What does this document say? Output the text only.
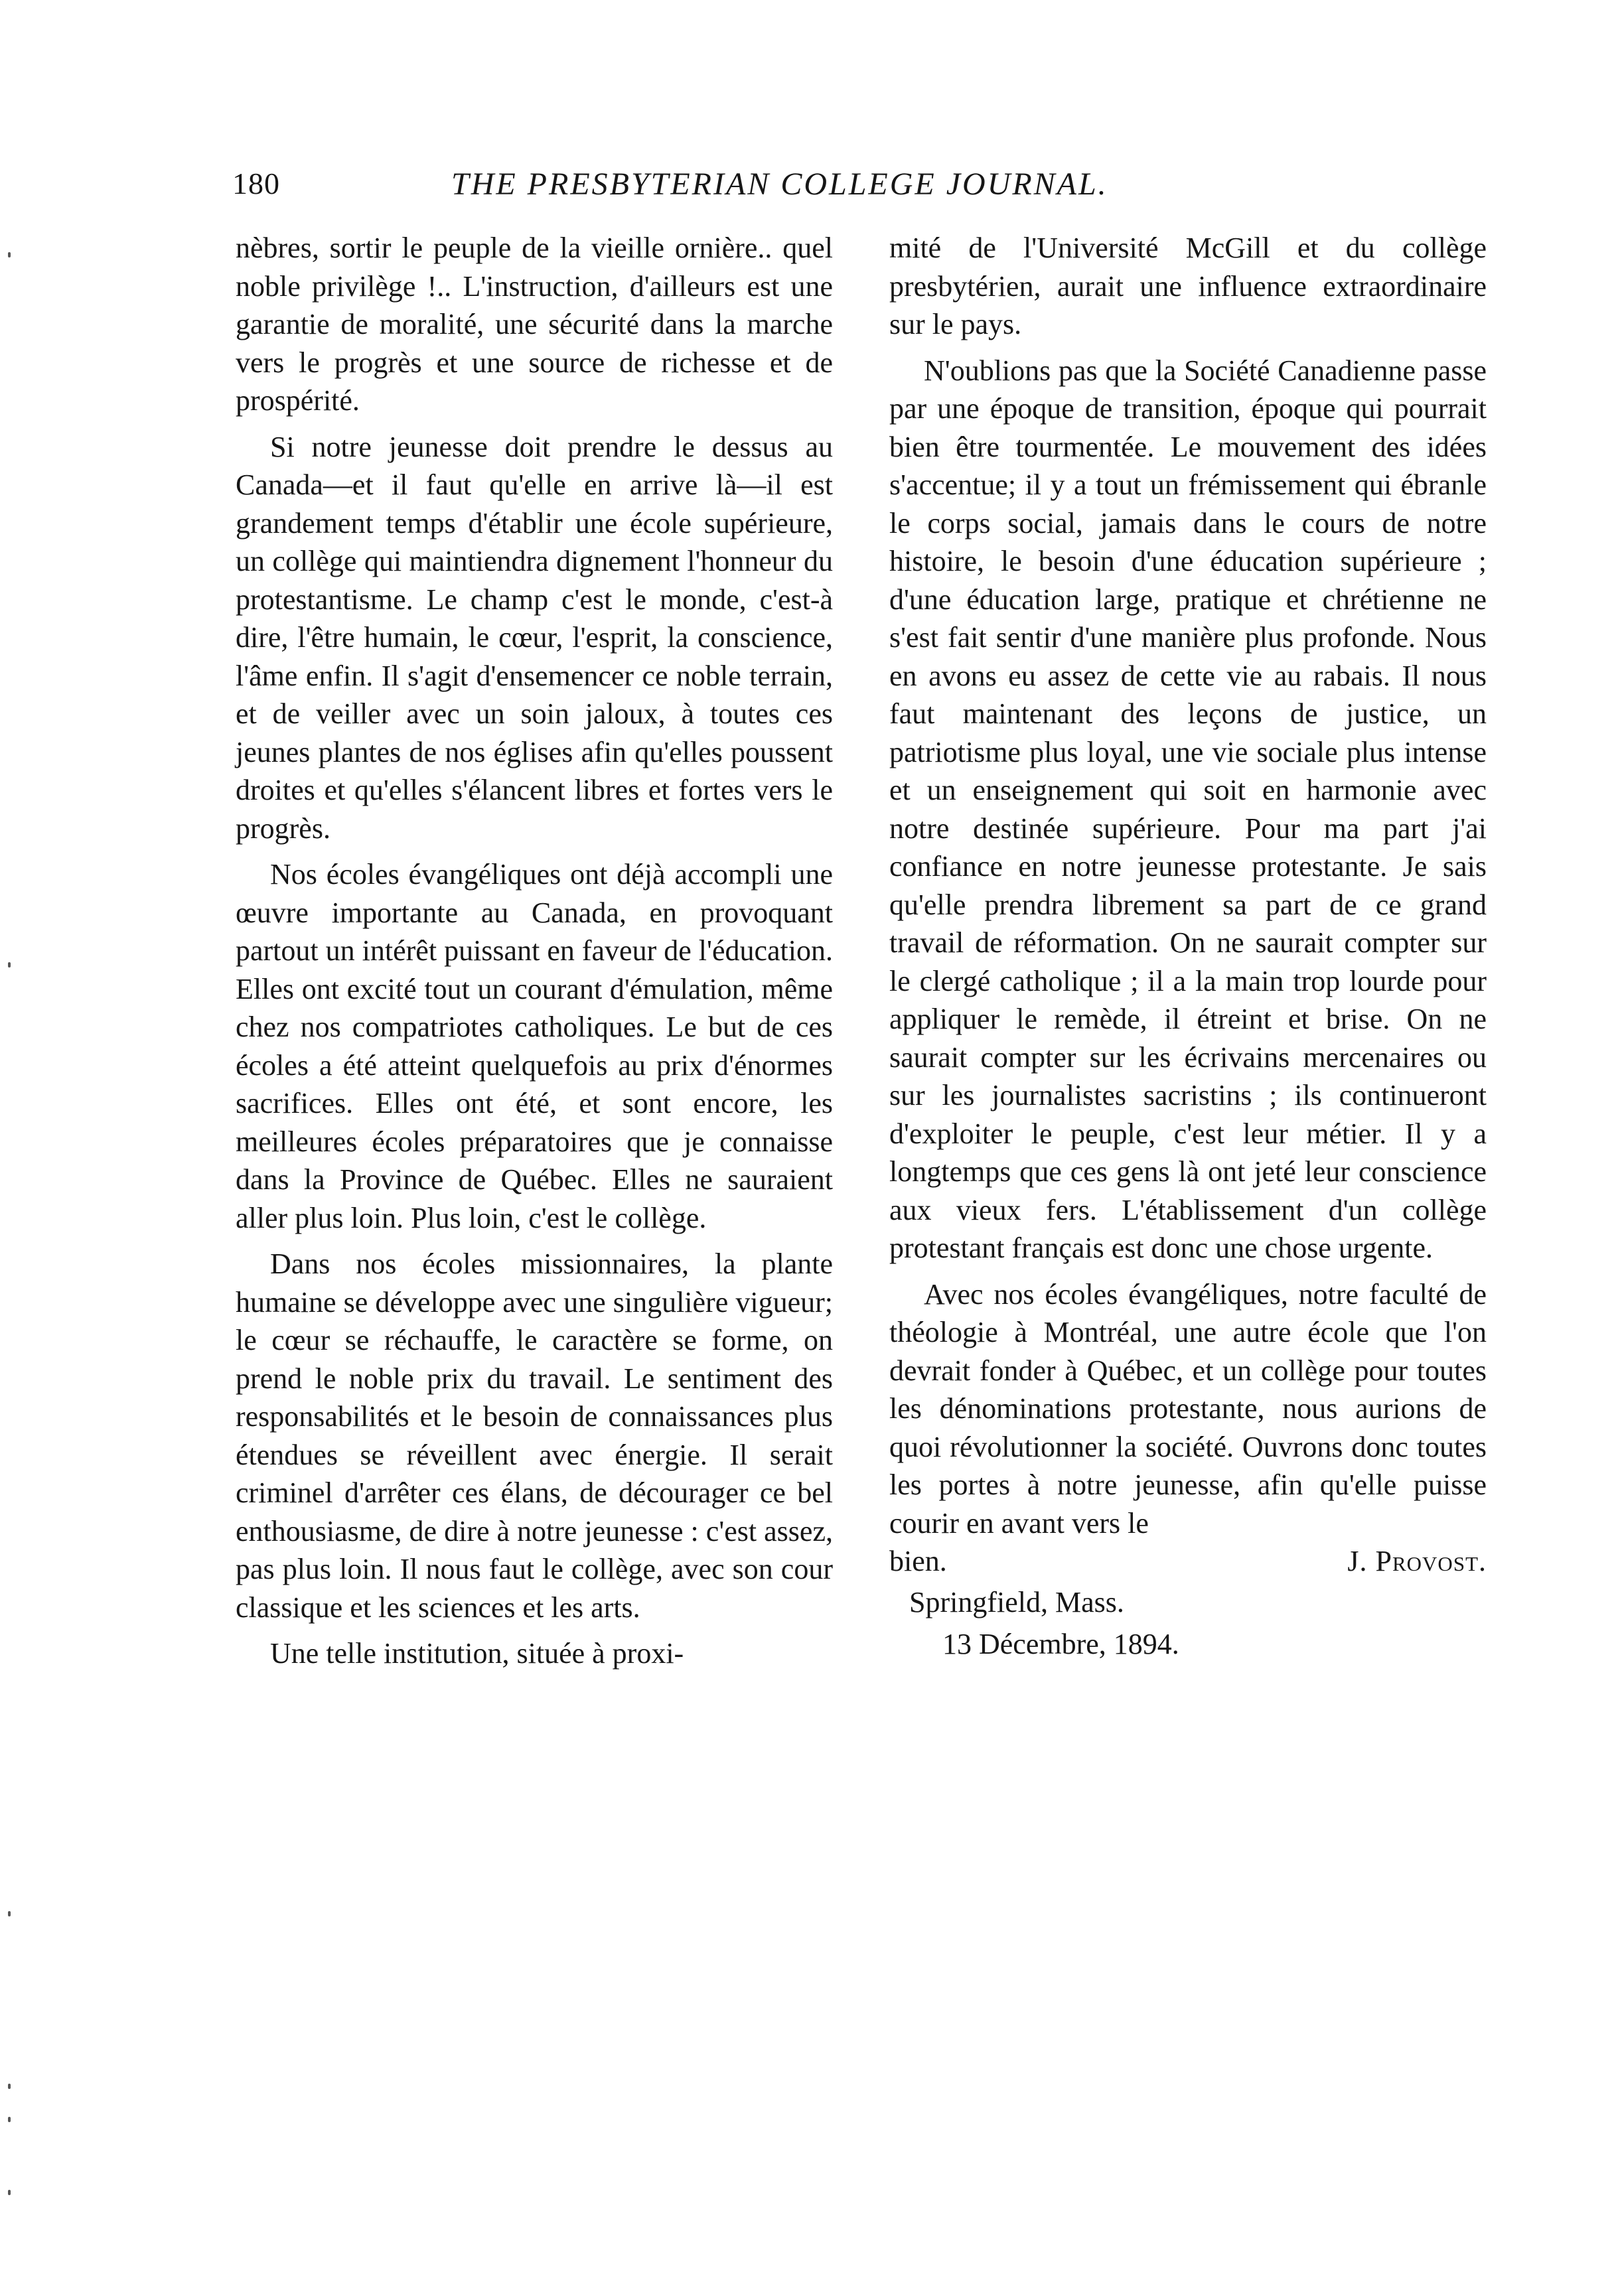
180	THE PRESBYTERIAN COLLEGE JOURNAL.

nèbres, sortir le peuple de la vieille ornière.. quel noble privilège !.. L'instruction, d'ailleurs est une garantie de moralité, une sécurité dans la marche vers le progrès et une source de richesse et de prospérité.

Si notre jeunesse doit prendre le dessus au Canada—et il faut qu'elle en arrive là—il est grandement temps d'établir une école supérieure, un collège qui maintiendra dignement l'honneur du protestantisme. Le champ c'est le monde, c'est-à dire, l'être humain, le cœur, l'esprit, la conscience, l'âme enfin. Il s'agit d'ensemencer ce noble terrain, et de veiller avec un soin jaloux, à toutes ces jeunes plantes de nos églises afin qu'elles poussent droites et qu'elles s'élancent libres et fortes vers le progrès.

Nos écoles évangéliques ont déjà accompli une œuvre importante au Canada, en provoquant partout un intérêt puissant en faveur de l'éducation. Elles ont excité tout un courant d'émulation, même chez nos compatriotes catholiques. Le but de ces écoles a été atteint quelquefois au prix d'énormes sacrifices. Elles ont été, et sont encore, les meilleures écoles préparatoires que je connaisse dans la Province de Québec. Elles ne sauraient aller plus loin. Plus loin, c'est le collège.

Dans nos écoles missionnaires, la plante humaine se développe avec une singulière vigueur; le cœur se réchauffe, le caractère se forme, on prend le noble prix du travail. Le sentiment des responsabilités et le besoin de connaissances plus étendues se réveillent avec énergie. Il serait criminel d'arrêter ces élans, de décourager ce bel enthousiasme, de dire à notre jeunesse : c'est assez, pas plus loin. Il nous faut le collège, avec son cour classique et les sciences et les arts.

Une telle institution, située à proxi-

mité de l'Université McGill et du collège presbytérien, aurait une influence extraordinaire sur le pays.

N'oublions pas que la Société Canadienne passe par une époque de transition, époque qui pourrait bien être tourmentée. Le mouvement des idées s'accentue; il y a tout un frémissement qui ébranle le corps social, jamais dans le cours de notre histoire, le besoin d'une éducation supérieure ; d'une éducation large, pratique et chrétienne ne s'est fait sentir d'une manière plus profonde. Nous en avons eu assez de cette vie au rabais. Il nous faut maintenant des leçons de justice, un patriotisme plus loyal, une vie sociale plus intense et un enseignement qui soit en harmonie avec notre destinée supérieure. Pour ma part j'ai confiance en notre jeunesse protestante. Je sais qu'elle prendra librement sa part de ce grand travail de réformation. On ne saurait compter sur le clergé catholique ; il a la main trop lourde pour appliquer le remède, il étreint et brise. On ne saurait compter sur les écrivains mercenaires ou sur les journalistes sacristins ; ils continueront d'exploiter le peuple, c'est leur métier. Il y a longtemps que ces gens là ont jeté leur conscience aux vieux fers. L'établissement d'un collège protestant français est donc une chose urgente.

Avec nos écoles évangéliques, notre faculté de théologie à Montréal, une autre école que l'on devrait fonder à Québec, et un collège pour toutes les dénominations protestante, nous aurions de quoi révolutionner la société. Ouvrons donc toutes les portes à notre jeunesse, afin qu'elle puisse courir en avant vers le

bien.	J. Provost.
Springfield, Mass.
13 Décembre, 1894.
